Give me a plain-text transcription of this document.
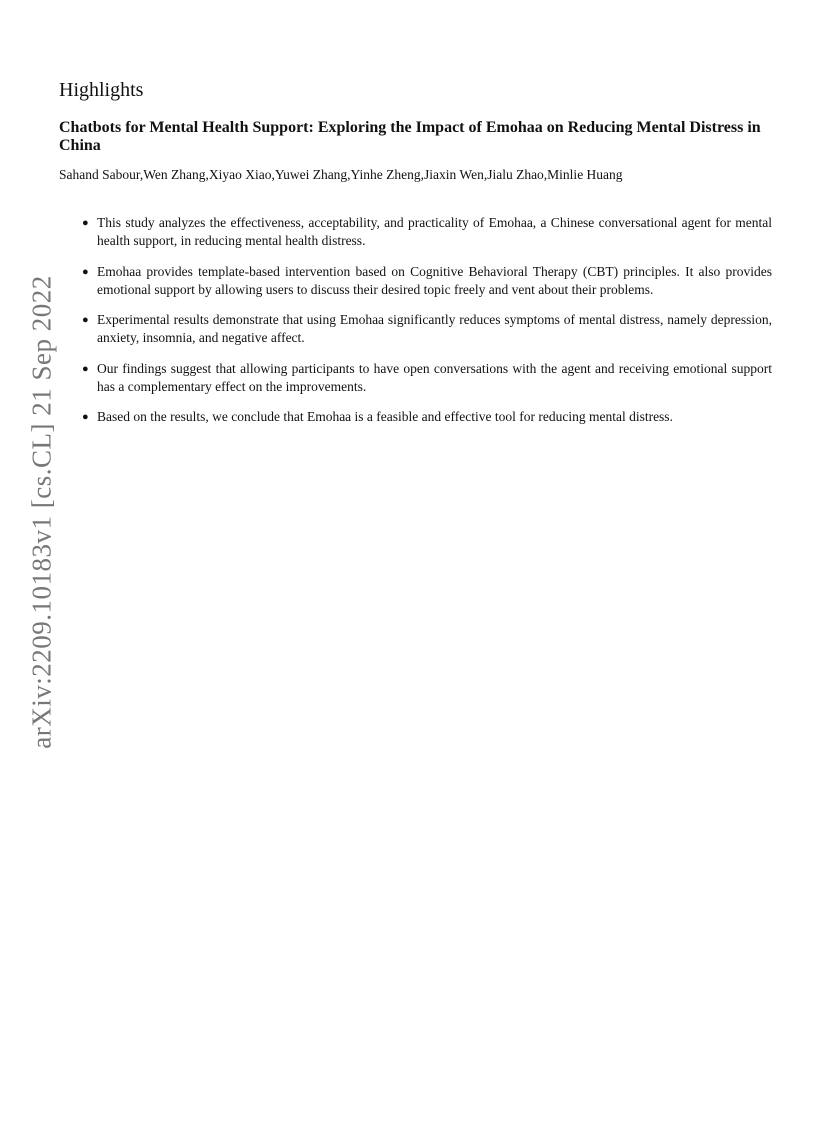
arXiv:2209.10183v1 [cs.CL] 21 Sep 2022
Highlights
Chatbots for Mental Health Support: Exploring the Impact of Emohaa on Reducing Mental Distress in China
Sahand Sabour,Wen Zhang,Xiyao Xiao,Yuwei Zhang,Yinhe Zheng,Jiaxin Wen,Jialu Zhao,Minlie Huang
● This study analyzes the effectiveness, acceptability, and practicality of Emohaa, a Chinese conversational agent for mental health support, in reducing mental health distress.
● Emohaa provides template-based intervention based on Cognitive Behavioral Therapy (CBT) principles. It also provides emotional support by allowing users to discuss their desired topic freely and vent about their problems.
● Experimental results demonstrate that using Emohaa significantly reduces symptoms of mental distress, namely depression, anxiety, insomnia, and negative affect.
● Our findings suggest that allowing participants to have open conversations with the agent and receiving emotional support has a complementary effect on the improvements.
● Based on the results, we conclude that Emohaa is a feasible and effective tool for reducing mental distress.
